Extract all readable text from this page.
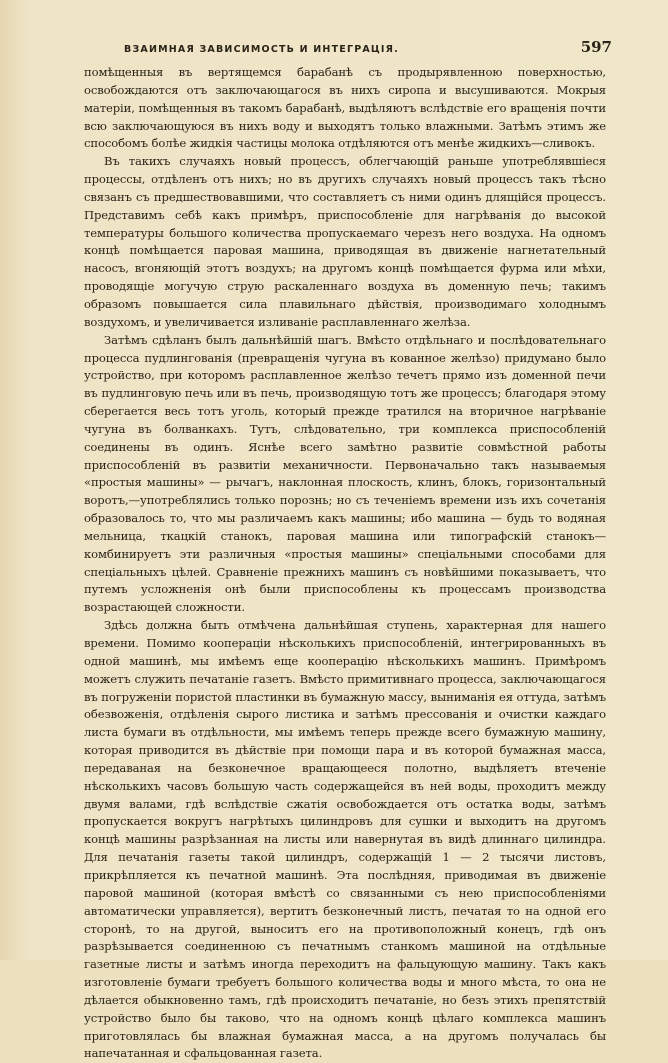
ВЗАИМНАЯ ЗАВИСИМОСТЬ И ИНТЕГРАЦІЯ.	597

помѣщенныя въ вертящемся барабанѣ съ продырявленною поверхностью, освобождаются отъ заключающагося въ нихъ сиропа и высушиваются. Мокрыя матеріи, помѣщенныя въ такомъ барабанѣ, выдѣляютъ вслѣдствіе его вращенія почти всю заключающуюся въ нихъ воду и выходятъ только влажными. Затѣмъ этимъ же способомъ болѣе жидкія частицы молока отдѣляются отъ менѣе жидкихъ—сливокъ.

Въ такихъ случаяхъ новый процессъ, облегчающій раньше употреблявшіеся процессы, отдѣленъ отъ нихъ; но въ другихъ случаяхъ новый процессъ такъ тѣсно связанъ съ предшествовавшими, что составляетъ съ ними одинъ длящійся процессъ. Представимъ себѣ какъ примѣръ, приспособленіе для нагрѣванія до высокой температуры большого количества пропускаемаго черезъ него воздуха. На одномъ концѣ помѣщается паровая машина, приводящая въ движеніе нагнетательный насосъ, вгоняющій этотъ воздухъ; на другомъ концѣ помѣщается фурма или мѣхи, проводящіе могучую струю раскаленнаго воздуха въ доменную печь; такимъ образомъ повышается сила плавильнаго дѣйствія, производимаго холоднымъ воздухомъ, и увеличивается изливаніе расплавленнаго желѣза.

Затѣмъ сдѣланъ былъ дальнѣйшій шагъ. Вмѣсто отдѣльнаго и послѣдовательнаго процесса пудлингованія (превращенія чугуна въ кованное желѣзо) придумано было устройство, при которомъ расплавленное желѣзо течетъ прямо изъ доменной печи въ пудлинговую печь или въ печь, производящую тотъ же процессъ; благодаря этому сберегается весь тотъ уголь, который прежде тратился на вторичное нагрѣваніе чугуна въ болванкахъ. Тутъ, слѣдовательно, три комплекса приспособленій соединены въ одинъ. Яснѣе всего замѣтно развитіе совмѣстной работы приспособленій въ развитіи механичности. Первоначально такъ называемыя «простыя машины» — рычагъ, наклонная плоскость, клинъ, блокъ, горизонтальный воротъ,—употреблялись только порознь; но съ теченіемъ времени изъ ихъ сочетанія образовалось то, что мы различаемъ какъ машины; ибо машина — будь то водяная мельница, ткацкій станокъ, паровая машина или типографскій станокъ—комбинируетъ эти различныя «простыя машины» спеціальными способами для спеціальныхъ цѣлей. Сравненіе прежнихъ машинъ съ новѣйшими показываетъ, что путемъ усложненія онѣ были приспособлены къ процессамъ производства возрастающей сложности.

Здѣсь должна быть отмѣчена дальнѣйшая ступень, характерная для нашего времени. Помимо кооперацiи нѣсколькихъ приспособленій, интегрированныхъ въ одной машинѣ, мы имѣемъ еще кооперацію нѣсколькихъ машинъ. Примѣромъ можетъ служить печатаніе газетъ. Вмѣсто примитивнаго процесса, заключающагося въ погруженіи пористой пластинки въ бумажную массу, выниманія ея оттуда, затѣмъ обезвоженія, отдѣленія сырого листика и затѣмъ прессованія и очистки каждаго листа бумаги въ отдѣльности, мы имѣемъ теперь прежде всего бумажную машину, которая приводится въ дѣйствіе при помощи пара и въ которой бумажная масса, передаваная на безконечное вращающееся полотно, выдѣляетъ втеченіе нѣсколькихъ часовъ большую часть содержащейся въ ней воды, проходитъ между двумя валами, гдѣ вслѣдствіе сжатія освобождается отъ остатка воды, затѣмъ пропускается вокругъ нагрѣтыхъ цилиндровъ для сушки и выходитъ на другомъ концѣ машины разрѣзанная на листы или навернутая въ видѣ длиннаго цилиндра. Для печатанія газеты такой цилиндръ, содержащій 1 — 2 тысячи листовъ, прикрѣпляется къ печатной машинѣ. Эта послѣдняя, приводимая въ движеніе паровой машиной (которая вмѣстѣ со связанными съ нею приспособленіями автоматически управляется), вертитъ безконечный листъ, печатая то на одной его сторонѣ, то на другой, выноситъ его на противоположный конецъ, гдѣ онъ разрѣзывается соединенною съ печатнымъ станкомъ машиной на отдѣльные газетные листы и затѣмъ иногда переходитъ на фальцующую машину. Такъ какъ изготовленіе бумаги требуетъ большого количества воды и много мѣста, то она не дѣлается обыкновенно тамъ, гдѣ происходитъ печатаніе, но безъ этихъ препятствій устройство было бы таково, что на одномъ концѣ цѣлаго комплекса машинъ приготовлялась бы влажная бумажная масса, а на другомъ получалась бы напечатанная и сфальцованная газета.
